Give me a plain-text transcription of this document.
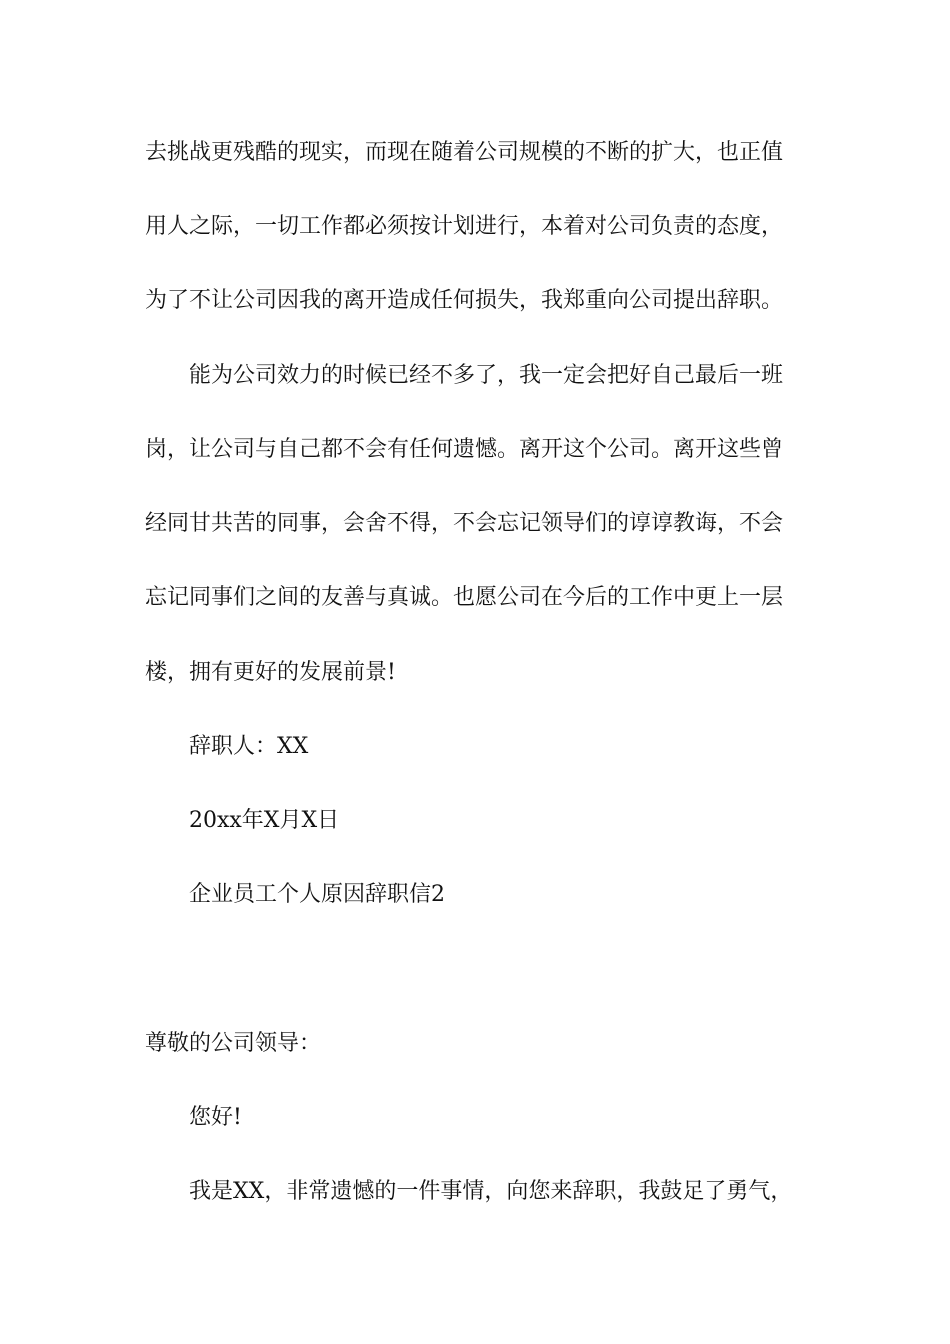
去挑战更残酷的现实，而现在随着公司规模的不断的扩大，也正值
用人之际，一切工作都必须按计划进行，本着对公司负责的态度，
为了不让公司因我的离开造成任何损失，我郑重向公司提出辞职。
能为公司效力的时候已经不多了，我一定会把好自己最后一班
岗，让公司与自己都不会有任何遗憾。离开这个公司。离开这些曾
经同甘共苦的同事，会舍不得，不会忘记领导们的谆谆教诲，不会
忘记同事们之间的友善与真诚。也愿公司在今后的工作中更上一层
楼，拥有更好的发展前景!
辞职人：XX
20xx年X月X日
企业员工个人原因辞职信2
尊敬的公司领导：
您好!
我是XX，非常遗憾的一件事情，向您来辞职，我鼓足了勇气，
